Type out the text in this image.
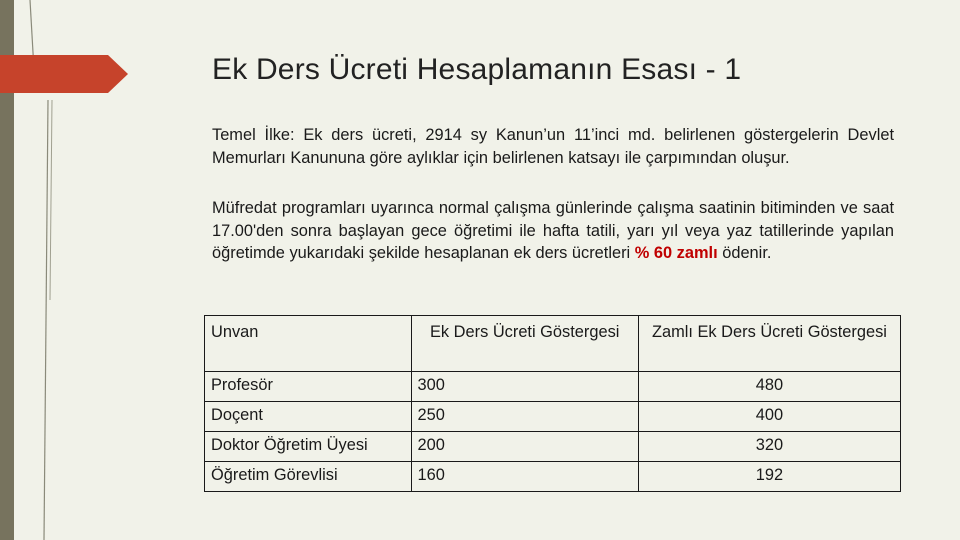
Ek Ders Ücreti Hesaplamanın Esası - 1

Temel İlke: Ek ders ücreti, 2914 sy Kanun’un 11’inci md. belirlenen göstergelerin Devlet Memurları Kanununa göre aylıklar için belirlenen katsayı ile çarpımından oluşur.

Müfredat programları uyarınca normal çalışma günlerinde çalışma saatinin bitiminden ve saat 17.00'den sonra başlayan gece öğretimi ile hafta tatili, yarı yıl veya yaz tatillerinde yapılan öğretimde yukarıdaki şekilde hesaplanan ek ders ücretleri % 60 zamlı ödenir.

Unvan	Ek Ders Ücreti Göstergesi	Zamlı Ek Ders Ücreti Göstergesi
Profesör	300	480
Doçent	250	400
Doktor Öğretim Üyesi	200	320
Öğretim Görevlisi	160	192
